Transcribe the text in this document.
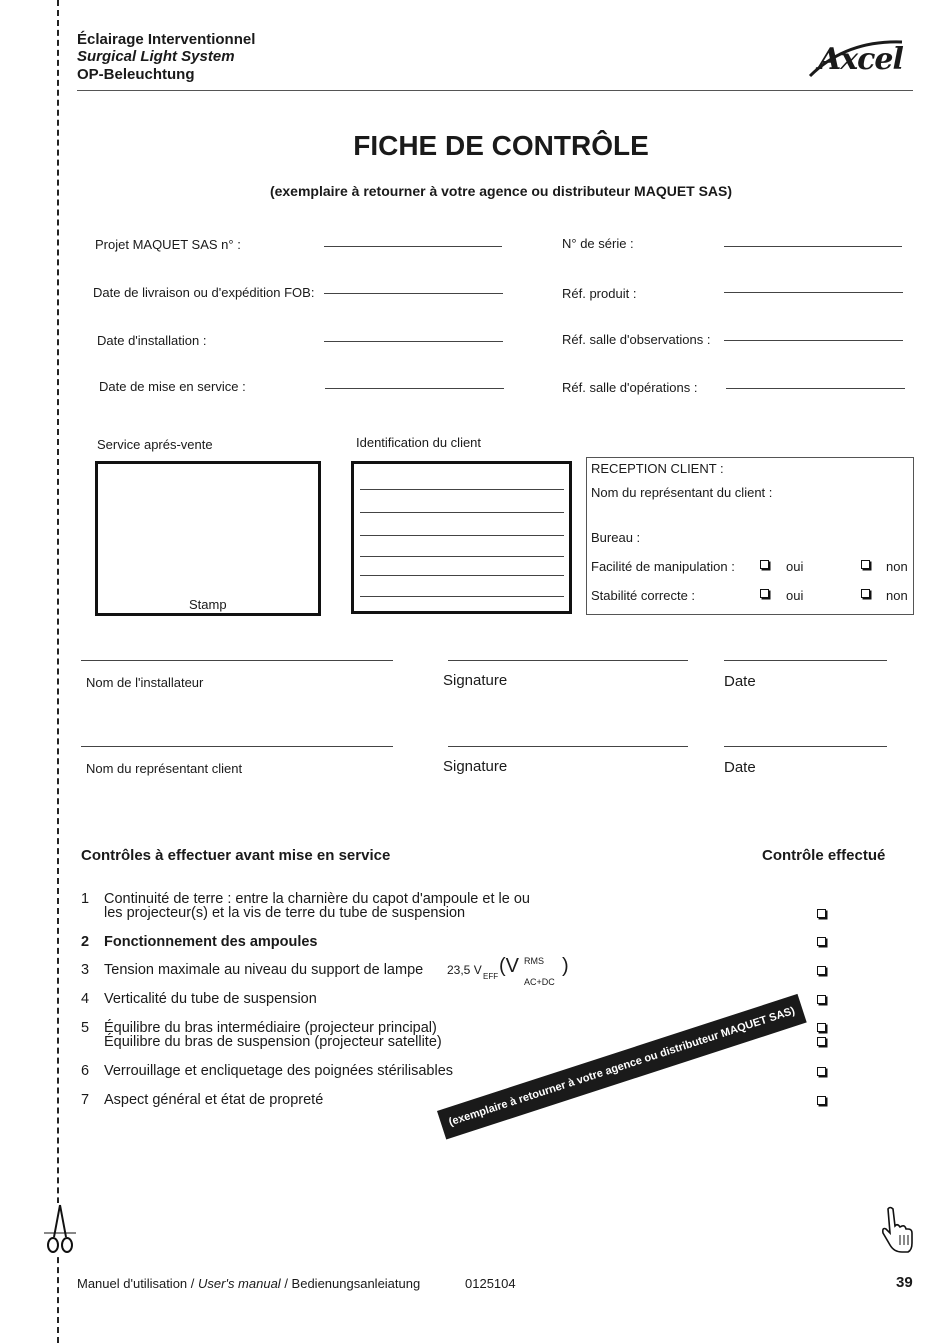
Éclairage Interventionnel
Surgical Light System
OP-Beleuchtung	Axcel
FICHE DE CONTRÔLE
(exemplaire à retourner à votre agence ou distributeur MAQUET SAS)
Projet MAQUET SAS n° :
Date de livraison ou d'expédition FOB:
Date d'installation :
Date de mise en service :
N° de série :
Réf. produit :
Réf. salle d'observations :
Réf. salle d'opérations :
Service aprés-vente
Stamp
Identification du client
RECEPTION CLIENT :
Nom du représentant du client :
Bureau :
Facilité de manipulation :	oui	non
Stabilité correcte :	oui	non
Nom de l'installateur	Signature	Date
Nom du représentant client	Signature	Date
Contrôles à effectuer avant mise en service	Contrôle effectué
1 Continuité de terre : entre la charnière du capot d'ampoule et le ou
les projecteur(s) et la vis de terre du tube de suspension
2 Fonctionnement des ampoules
3 Tension maximale au niveau du support de lampe 23,5 V EFF (V RMS
AC+DC
)
4 Verticalité du tube de suspension
5 Équilibre du bras intermédiaire (projecteur principal)
Équilibre du bras de suspension (projecteur satellite)
6 Verrouillage et encliquetage des poignées stérilisables
7 Aspect général et état de propreté	(exemplaire à retourner à votre agence ou distributeur MAQUET SAS)
Manuel d'utilisation / User's manual / Bedienungsanleiatung	0125104	39
